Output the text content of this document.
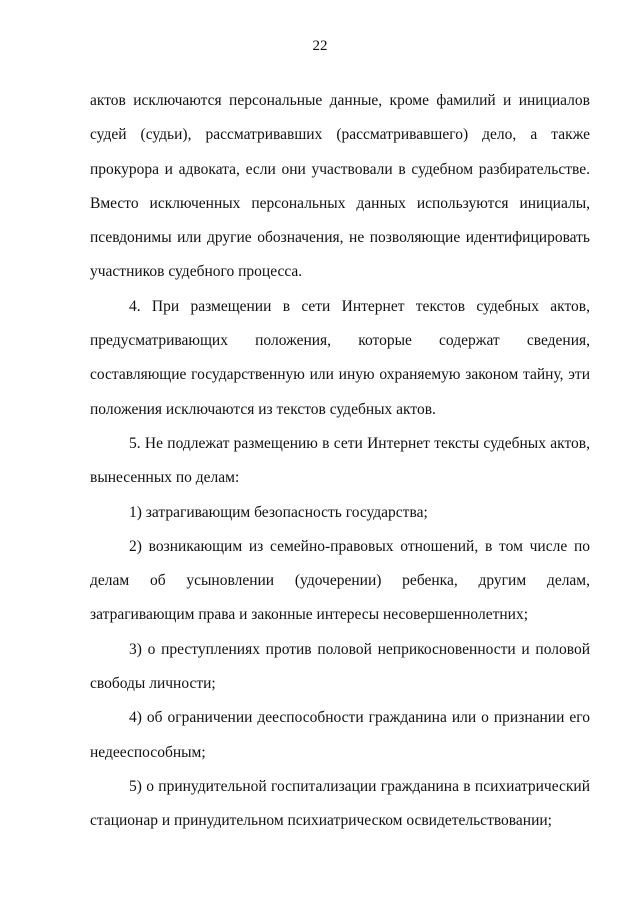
22

актов исключаются персональные данные, кроме фамилий и инициалов судей (судьи), рассматривавших (рассматривавшего) дело, а также прокурора и адвоката, если они участвовали в судебном разбирательстве. Вместо исключенных персональных данных используются инициалы, псевдонимы или другие обозначения, не позволяющие идентифицировать участников судебного процесса.

4. При размещении в сети Интернет текстов судебных актов, предусматривающих положения, которые содержат сведения, составляющие государственную или иную охраняемую законом тайну, эти положения исключаются из текстов судебных актов.

5. Не подлежат размещению в сети Интернет тексты судебных актов, вынесенных по делам:

1) затрагивающим безопасность государства;

2) возникающим из семейно-правовых отношений, в том числе по делам об усыновлении (удочерении) ребенка, другим делам, затрагивающим права и законные интересы несовершеннолетних;

3) о преступлениях против половой неприкосновенности и половой свободы личности;

4) об ограничении дееспособности гражданина или о признании его недееспособным;

5) о принудительной госпитализации гражданина в психиатрический стационар и принудительном психиатрическом освидетельствовании;
